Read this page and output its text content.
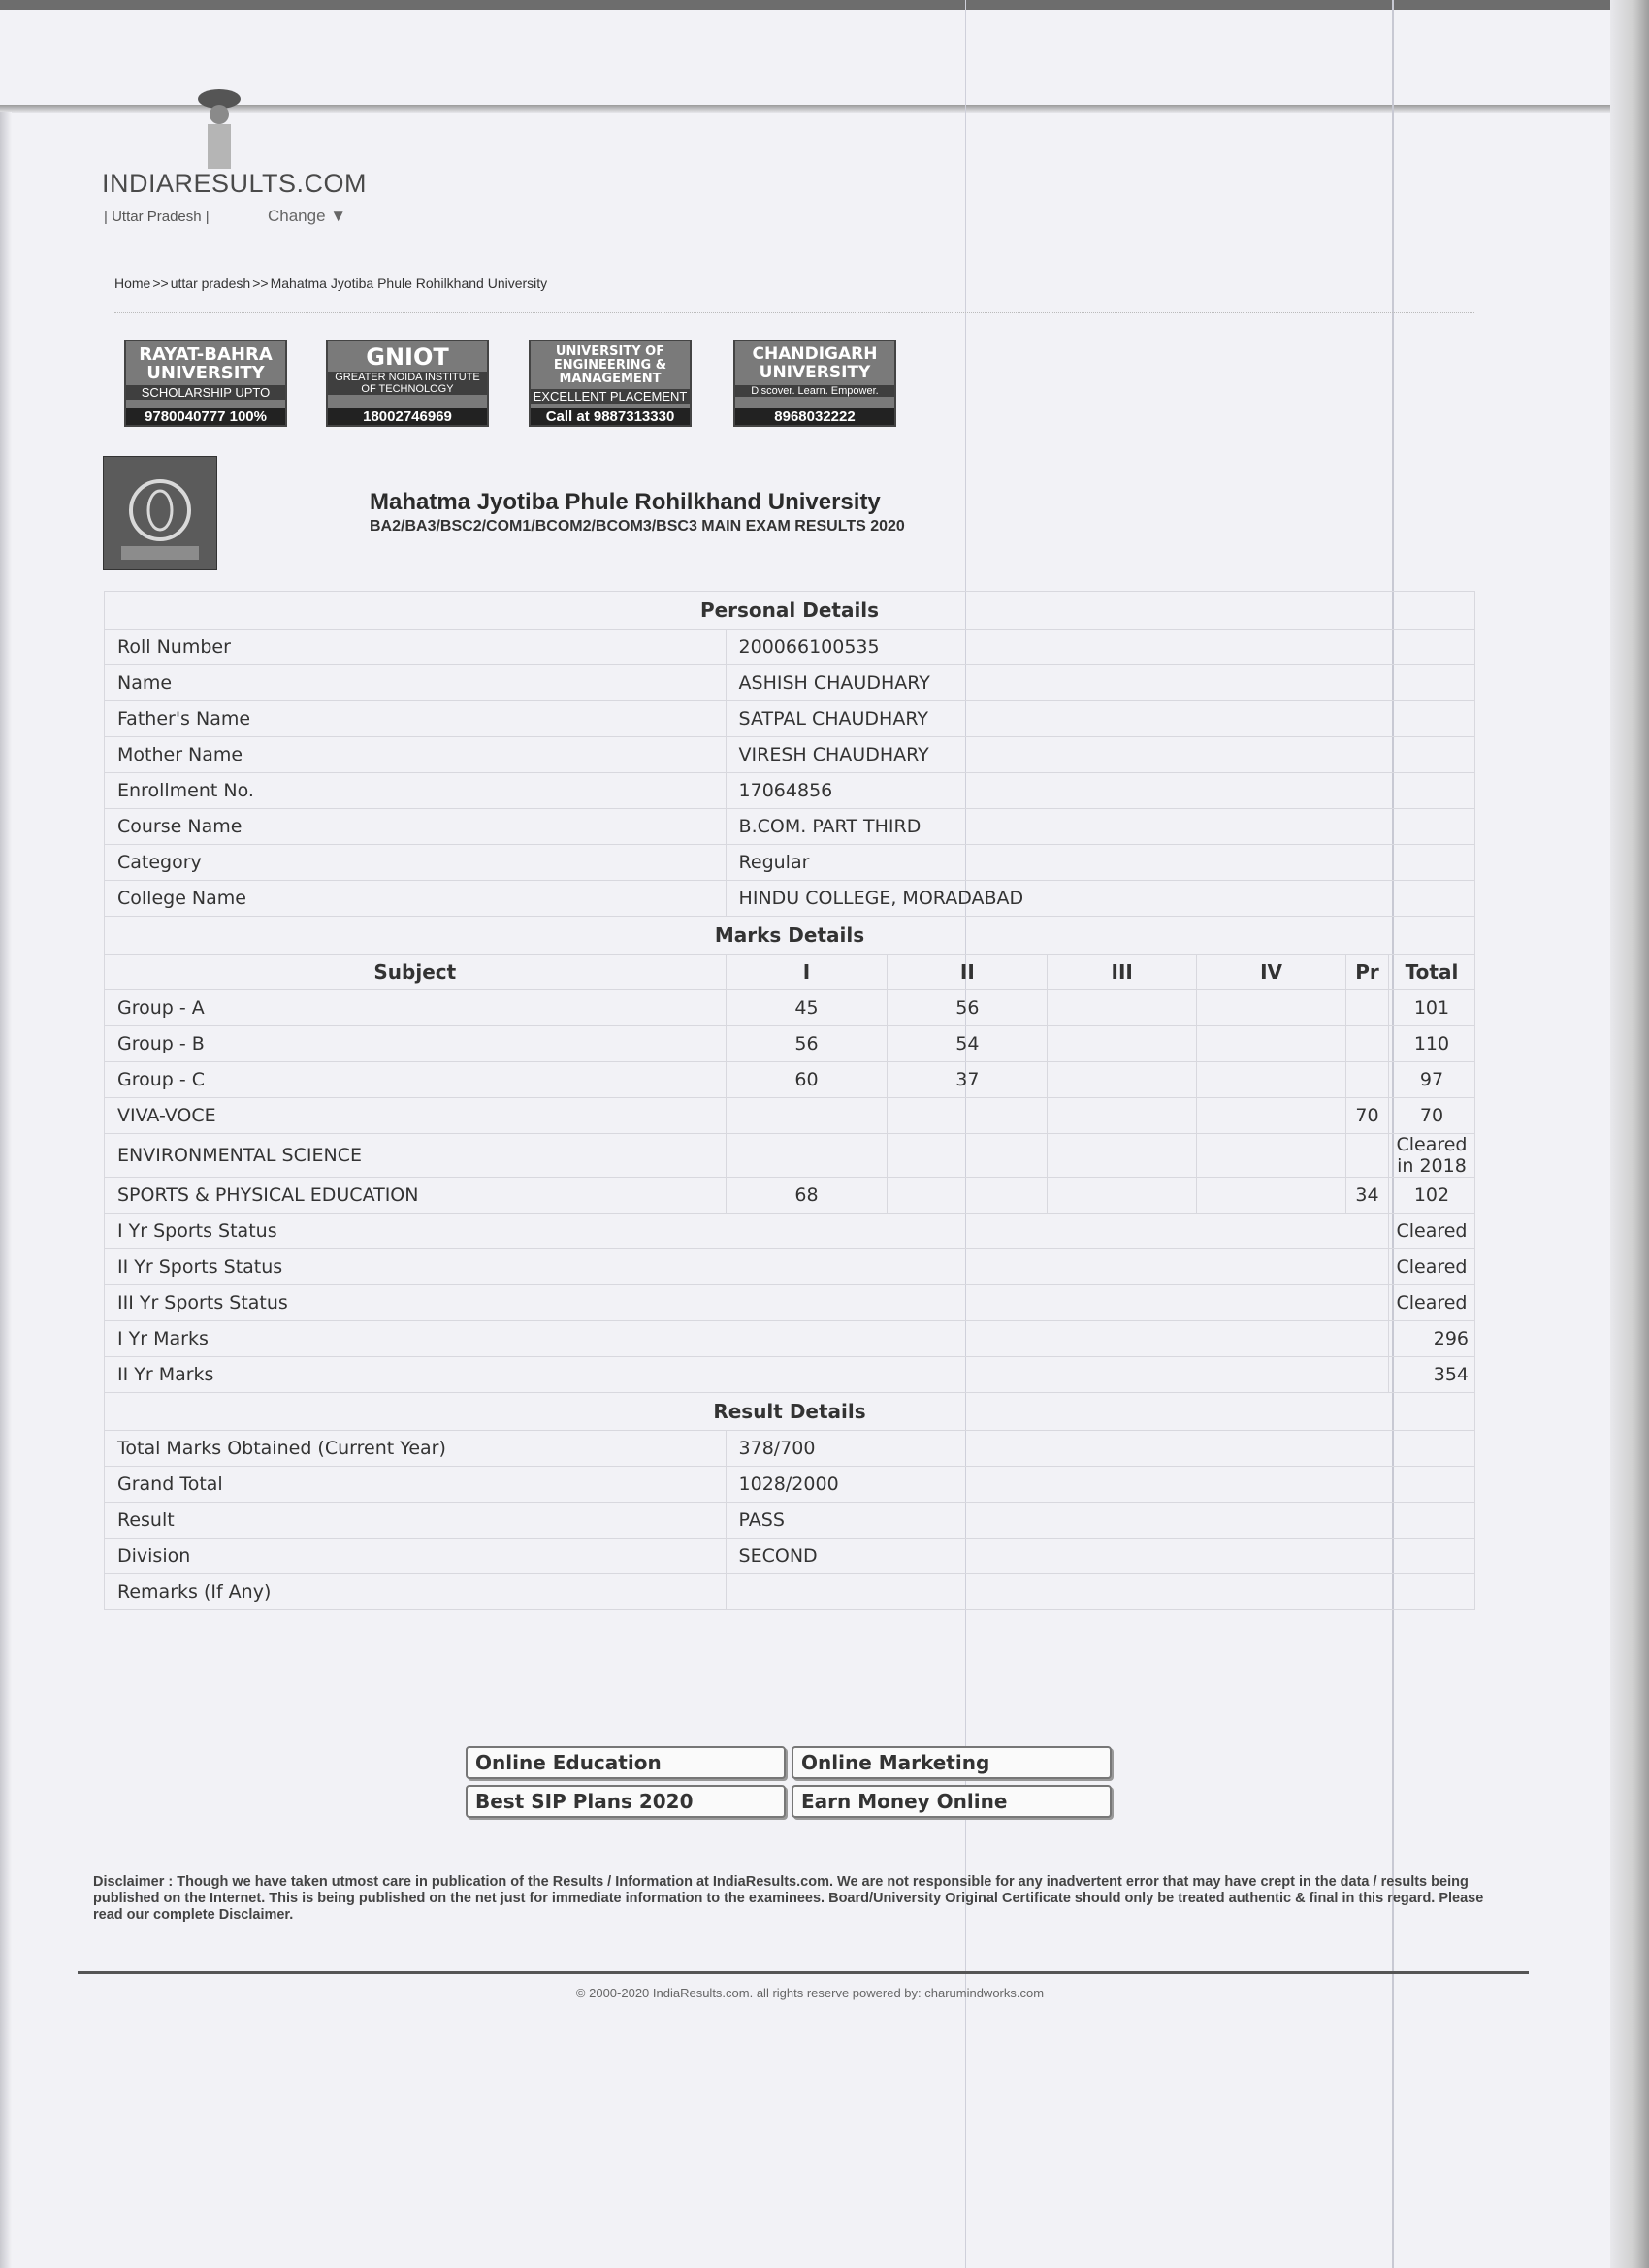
INDIARESULTS.COM
| Uttar Pradesh |	Change ▼
Home >> uttar pradesh >> Mahatma Jyotiba Phule Rohilkhand University
RAYAT-BAHRA UNIVERSITY
SCHOLARSHIP UPTO
9780040777 100%
GNIOT
GREATER NOIDA INSTITUTE OF TECHNOLOGY
18002746969
UNIVERSITY OF ENGINEERING & MANAGEMENT
EXCELLENT PLACEMENT
Call at 9887313330
CHANDIGARH UNIVERSITY
Discover. Learn. Empower.
8968032222
Mahatma Jyotiba Phule Rohilkhand University
BA2/BA3/BSC2/COM1/BCOM2/BCOM3/BSC3 MAIN EXAM RESULTS 2020
Personal Details						
Roll Number	200066100535					
Name	ASHISH CHAUDHARY					
Father's Name	SATPAL CHAUDHARY					
Mother Name	VIRESH CHAUDHARY					
Enrollment No.	17064856					
Course Name	B.COM. PART THIRD					
Category	Regular					
College Name	HINDU COLLEGE, MORADABAD					
Marks Details						
Subject	I	II	III	IV	Pr	Total
Group - A	45	56				101
Group - B	56	54				110
Group - C	60	37				97
VIVA-VOCE					70	70
ENVIRONMENTAL SCIENCE						Cleared in 2018
SPORTS & PHYSICAL EDUCATION	68				34	102
I Yr Sports Status						Cleared
II Yr Sports Status						Cleared
III Yr Sports Status						Cleared
I Yr Marks						296
II Yr Marks						354
Result Details						
Total Marks Obtained (Current Year)	378/700					
Grand Total	1028/2000					
Result	PASS					
Division	SECOND					
Remarks (If Any)						
Online Education	Online Marketing
Best SIP Plans 2020	Earn Money Online
Disclaimer : Though we have taken utmost care in publication of the Results / Information at IndiaResults.com. We are not responsible for any inadvertent error that may have crept in the data / results being published on the Internet. This is being published on the net just for immediate information to the examinees. Board/University Original Certificate should only be treated authentic & final in this regard. Please read our complete Disclaimer.
© 2000-2020 IndiaResults.com. all rights reserve powered by: charumindworks.com
